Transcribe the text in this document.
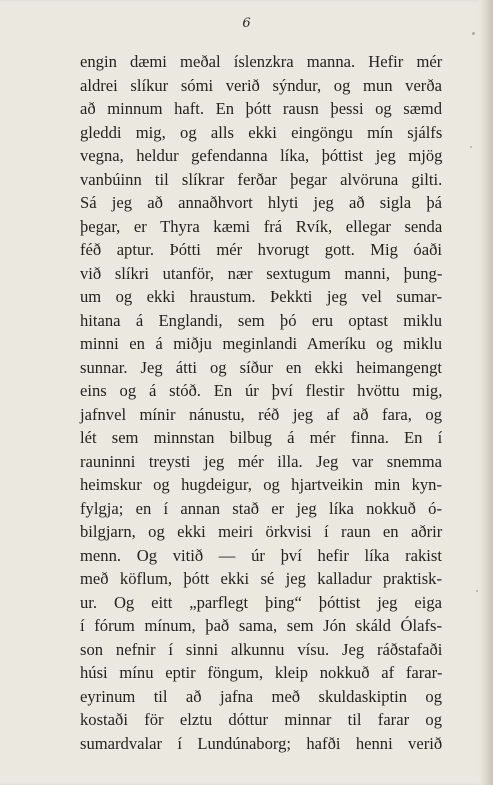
6
engin dæmi meðal íslenzkra manna. Hefir mér
aldrei slíkur sómi verið sýndur, og mun verða
að minnum haft. En þótt rausn þessi og sæmd
gleddi mig, og alls ekki eingöngu mín sjálfs
vegna, heldur gefendanna líka, þóttist jeg mjög
vanbúinn til slíkrar ferðar þegar alvöruna gilti.
Sá jeg að annaðhvort hlyti jeg að sigla þá
þegar, er Thyra kæmi frá Rvík, ellegar senda
féð aptur. Þótti mér hvorugt gott. Mig óaði
við slíkri utanför, nær sextugum manni, þung-
um og ekki hraustum. Þekkti jeg vel sumar-
hitana á Englandi, sem þó eru optast miklu
minni en á miðju meginlandi Ameríku og miklu
sunnar. Jeg átti og síður en ekki heimangengt
eins og á stóð. En úr því flestir hvöttu mig,
jafnvel mínir nánustu, réð jeg af að fara, og
lét sem minnstan bilbug á mér finna. En í
rauninni treysti jeg mér illa. Jeg var snemma
heimskur og hugdeigur, og hjartveikin min kyn-
fylgja; en í annan stað er jeg líka nokkuð ó-
bilgjarn, og ekki meiri örkvisi í raun en aðrir
menn. Og vitið — úr því hefir líka rakist
með köflum, þótt ekki sé jeg kalladur praktisk-
ur. Og eitt „parflegt þing“ þóttist jeg eiga
í fórum mínum, það sama, sem Jón skáld Ólafs-
son nefnir í sinni alkunnu vísu. Jeg ráðstafaði
húsi mínu eptir föngum, kleip nokkuð af farar-
eyrinum til að jafna með skuldaskiptin og
kostaði för elztu dóttur minnar til farar og
sumardvalar í Lundúnaborg; hafði henni verið
